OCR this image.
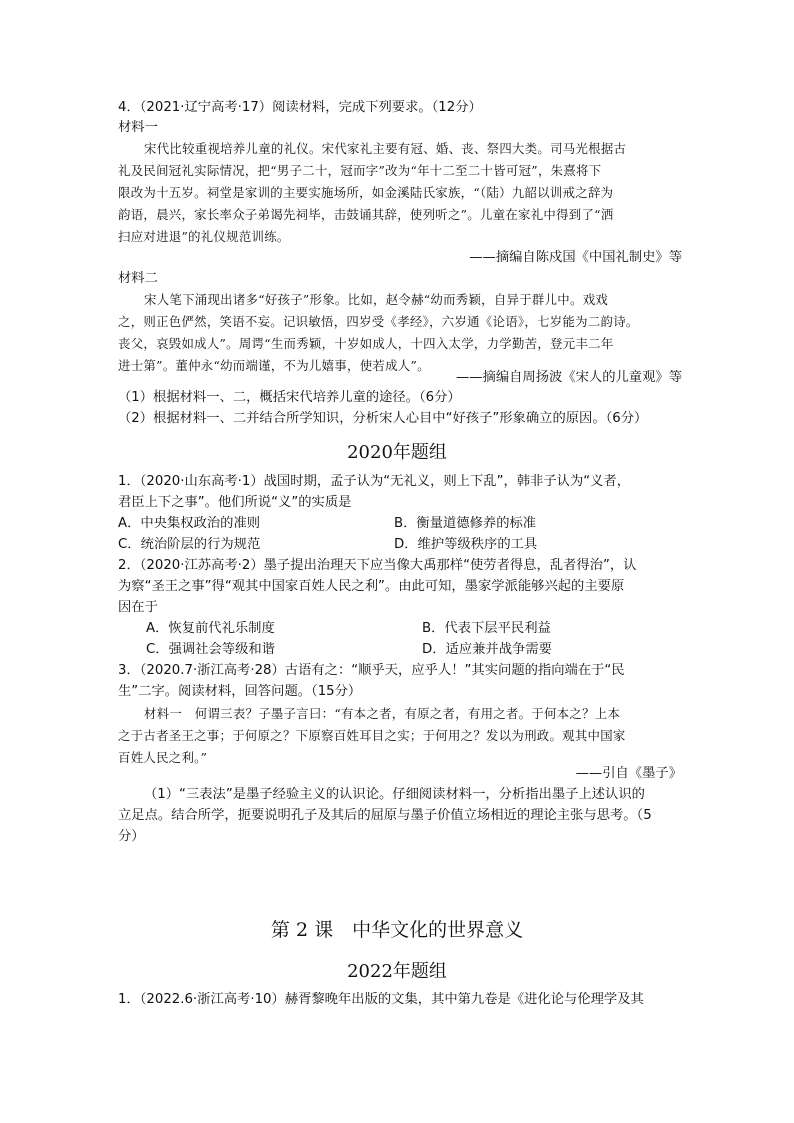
4．（2021·辽宁高考·17）阅读材料，完成下列要求。（12分）
材料一
宋代比较重视培养儿童的礼仪。宋代家礼主要有冠、婚、丧、祭四大类。司马光根据古
礼及民间冠礼实际情况，把“男子二十，冠而字”改为“年十二至二十皆可冠”，朱熹将下
限改为十五岁。祠堂是家训的主要实施场所，如金溪陆氏家族，“（陆）九韶以训戒之辞为
韵语，晨兴，家长率众子弟谒先祠毕，击鼓诵其辞，使列听之”。儿童在家礼中得到了“洒
扫应对进退”的礼仪规范训练。
——摘编自陈戍国《中国礼制史》等
材料二
宋人笔下涌现出诸多“好孩子”形象。比如，赵令赫“幼而秀颖，自异于群儿中。戏戏
之，则正色俨然，笑语不妄。记识敏悟，四岁受《孝经》，六岁通《论语》，七岁能为二韵诗。
丧父，哀毁如成人”。周谔“生而秀颖，十岁如成人，十四入太学，力学勤苦，登元丰二年
进士第”。董仲永“幼而端谨，不为儿嬉事，使若成人”。
——摘编自周扬波《宋人的儿童观》等
（1）根据材料一、二，概括宋代培养儿童的途径。（6分）
（2）根据材料一、二并结合所学知识，分析宋人心目中“好孩子”形象确立的原因。（6分）
2020年题组
1．（2020·山东高考·1）战国时期，孟子认为“无礼义，则上下乱”，韩非子认为“义者，
君臣上下之事”。他们所说“义”的实质是
A．中央集权政治的准则	B．衡量道德修养的标准
C．统治阶层的行为规范	D．维护等级秩序的工具
2．（2020·江苏高考·2）墨子提出治理天下应当像大禹那样“使劳者得息，乱者得治”，认
为察“圣王之事”得“观其中国家百姓人民之利”。由此可知，墨家学派能够兴起的主要原
因在于
A．恢复前代礼乐制度	B．代表下层平民利益
C．强调社会等级和谐	D．适应兼并战争需要
3．（2020.7·浙江高考·28）古语有之：“顺乎天，应乎人！”其实问题的指向端在于“民
生”二字。阅读材料，回答问题。（15分）
材料一　何谓三表？子墨子言曰：“有本之者，有原之者，有用之者。于何本之？上本
之于古者圣王之事；于何原之？下原察百姓耳目之实；于何用之？发以为刑政。观其中国家
百姓人民之利。”
——引自《墨子》
（1）“三表法”是墨子经验主义的认识论。仔细阅读材料一，分析指出墨子上述认识的
立足点。结合所学，扼要说明孔子及其后的屈原与墨子价值立场相近的理论主张与思考。（5
分）
第 2 课　中华文化的世界意义
2022年题组
1．（2022.6·浙江高考·10）赫胥黎晚年出版的文集，其中第九卷是《进化论与伦理学及其
